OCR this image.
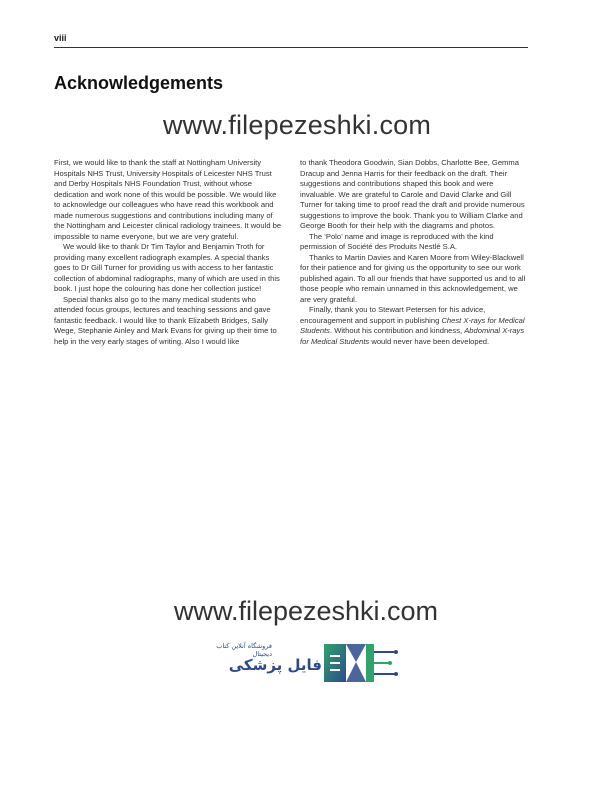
viii
Acknowledgements
www.filepezeshki.com

First, we would like to thank the staff at Nottingham University Hospitals NHS Trust, University Hospitals of Leicester NHS Trust and Derby Hospitals NHS Foundation Trust, without whose dedication and work none of this would be possible. We would like to acknowledge our colleagues who have read this workbook and made numerous suggestions and contributions including many of the Nottingham and Leicester clinical radiology trainees. It would be impossible to name everyone, but we are very grateful.

We would like to thank Dr Tim Taylor and Benjamin Troth for providing many excellent radiograph examples. A special thanks goes to Dr Gill Turner for providing us with access to her fantastic collection of abdominal radiographs, many of which are used in this book. I just hope the colouring has done her collection justice!

Special thanks also go to the many medical students who attended focus groups, lectures and teaching sessions and gave fantastic feedback. I would like to thank Elizabeth Bridges, Sally Wege, Stephanie Ainley and Mark Evans for giving up their time to help in the very early stages of writing. Also I would like

to thank Theodora Goodwin, Sian Dobbs, Charlotte Bee, Gemma Dracup and Jenna Harris for their feedback on the draft. Their suggestions and contributions shaped this book and were invaluable. We are grateful to Carole and David Clarke and Gill Turner for taking time to proof read the draft and provide numerous suggestions to improve the book. Thank you to William Clarke and George Booth for their help with the diagrams and photos.

The ‘Polo’ name and image is reproduced with the kind permission of Société des Produits Nestlé S.A.

Thanks to Martin Davies and Karen Moore from Wiley-Blackwell for their patience and for giving us the opportunity to see our work published again. To all our friends that have supported us and to all those people who remain unnamed in this acknowledgement, we are very grateful.

Finally, thank you to Stewart Petersen for his advice, encouragement and support in publishing Chest X-rays for Medical Students. Without his contribution and kindness, Abdominal X-rays for Medical Students would never have been developed.

www.filepezeshki.com
فروشگاه آنلاین کتاب دیجیتال
فایل پزشکی
